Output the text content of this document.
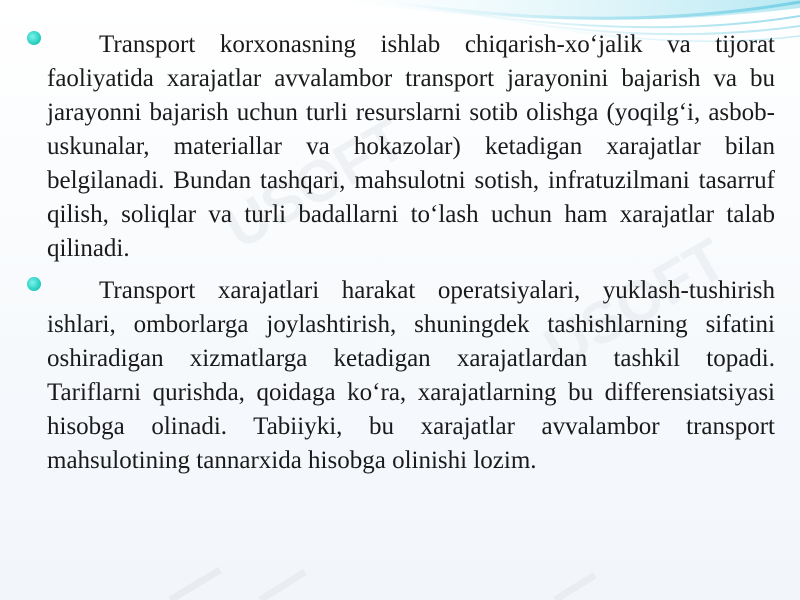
USOFT
USOFT

Transport korxonasning ishlab chiqarish-xo‘jalik va tijorat faoliyatida xarajatlar avvalambor transport jarayonini bajarish va bu jarayonni bajarish uchun turli resurslarni sotib olishga (yoqilg‘i, asbob-uskunalar, materiallar va hokazolar) ketadigan xarajatlar bilan belgilanadi. Bundan tashqari, mahsulotni sotish, infratuzilmani tasarruf qilish, soliqlar va turli badallarni to‘lash uchun ham xarajatlar talab qilinadi.

Transport xarajatlari harakat operatsiyalari, yuklash-tushirish ishlari, omborlarga joylashtirish, shuningdek tashishlarning sifatini oshiradigan xizmatlarga ketadigan xarajatlardan tashkil topadi. Tariflarni qurishda, qoidaga ko‘ra, xarajatlarning bu differensiatsiyasi hisobga olinadi. Tabiiyki, bu xarajatlar avvalambor transport mahsulotining tannarxida hisobga olinishi lozim.
